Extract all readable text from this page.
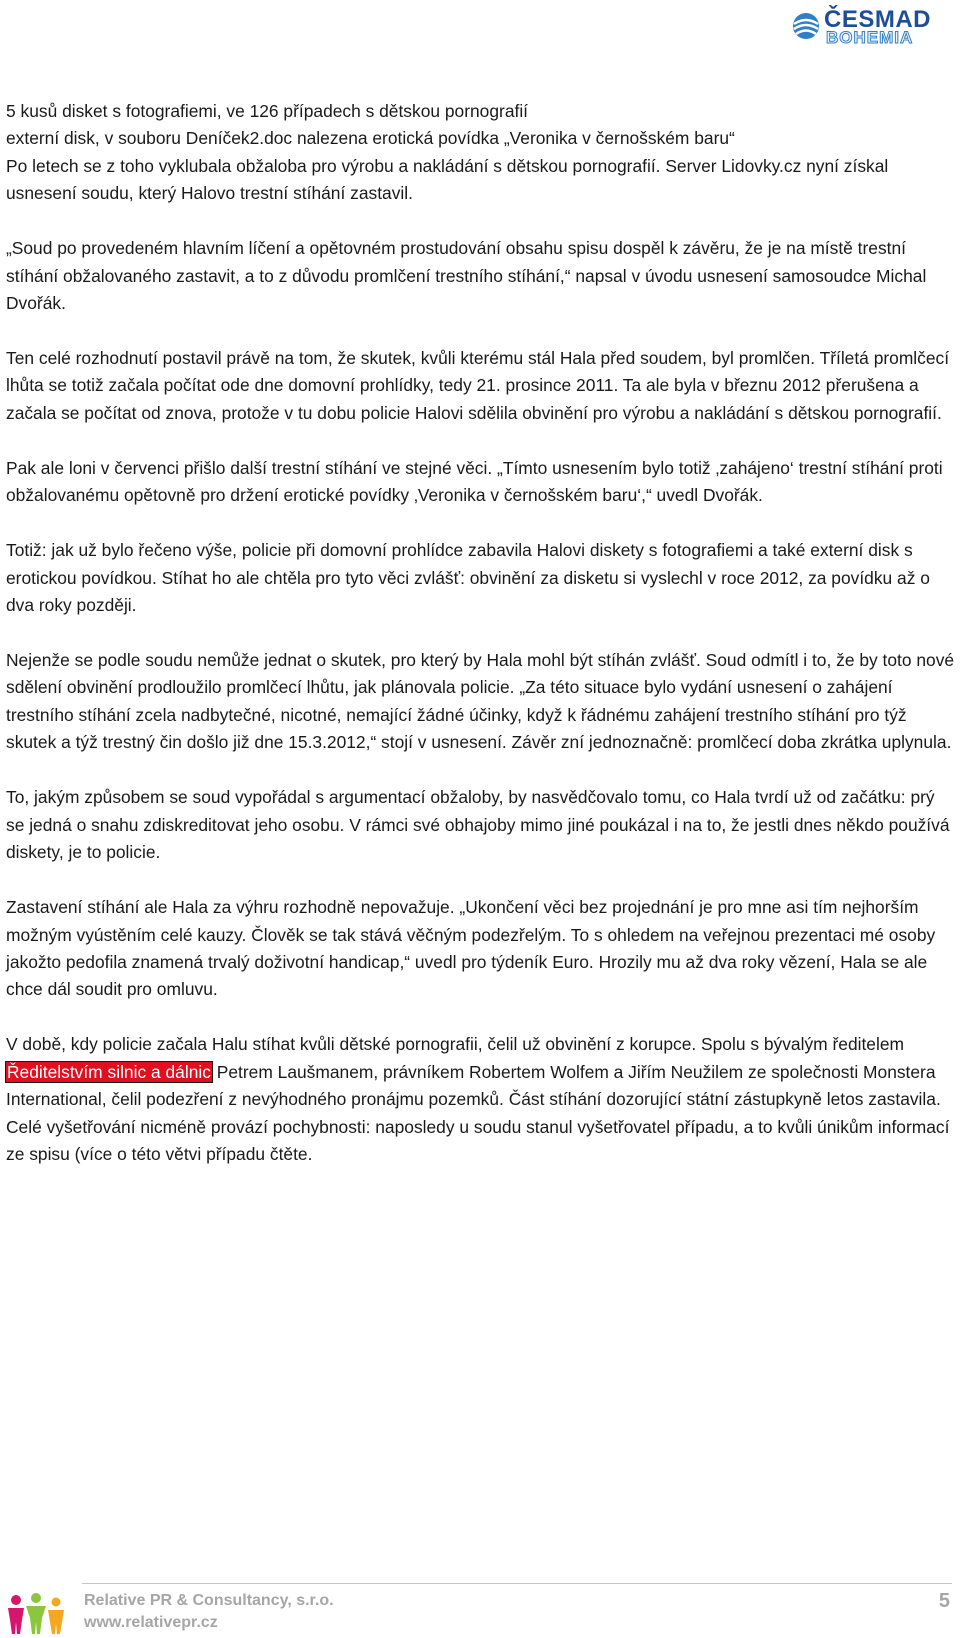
ČESMAD
BOHEMIA
5 kusů disket s fotografiemi, ve 126 případech s dětskou pornografií
externí disk, v souboru Deníček2.doc nalezena erotická povídka „Veronika v černošském baru“

Po letech se z toho vyklubala obžaloba pro výrobu a nakládání s dětskou pornografií. Server Lidovky.cz nyní získal usnesení soudu, který Halovo trestní stíhání zastavil.

„Soud po provedeném hlavním líčení a opětovném prostudování obsahu spisu dospěl k závěru, že je na místě trestní stíhání obžalovaného zastavit, a to z důvodu promlčení trestního stíhání,“ napsal v úvodu usnesení samosoudce Michal Dvořák.

Ten celé rozhodnutí postavil právě na tom, že skutek, kvůli kterému stál Hala před soudem, byl promlčen. Tříletá promlčecí lhůta se totiž začala počítat ode dne domovní prohlídky, tedy 21. prosince 2011. Ta ale byla v březnu 2012 přerušena a začala se počítat od znova, protože v tu dobu policie Halovi sdělila obvinění pro výrobu a nakládání s dětskou pornografií.

Pak ale loni v červenci přišlo další trestní stíhání ve stejné věci. „Tímto usnesením bylo totiž ‚zahájeno‘ trestní stíhání proti obžalovanému opětovně pro držení erotické povídky ‚Veronika v černošském baru‘,“ uvedl Dvořák.

Totiž: jak už bylo řečeno výše, policie při domovní prohlídce zabavila Halovi diskety s fotografiemi a také externí disk s erotickou povídkou. Stíhat ho ale chtěla pro tyto věci zvlášť: obvinění za disketu si vyslechl v roce 2012, za povídku až o dva roky později.

Nejenže se podle soudu nemůže jednat o skutek, pro který by Hala mohl být stíhán zvlášť. Soud odmítl i to, že by toto nové sdělení obvinění prodloužilo promlčecí lhůtu, jak plánovala policie. „Za této situace bylo vydání usnesení o zahájení trestního stíhání zcela nadbytečné, nicotné, nemající žádné účinky, když k řádnému zahájení trestního stíhání pro týž skutek a týž trestný čin došlo již dne 15.3.2012,“ stojí v usnesení. Závěr zní jednoznačně: promlčecí doba zkrátka uplynula.

To, jakým způsobem se soud vypořádal s argumentací obžaloby, by nasvědčovalo tomu, co Hala tvrdí už od začátku: prý se jedná o snahu zdiskreditovat jeho osobu. V rámci své obhajoby mimo jiné poukázal i na to, že jestli dnes někdo používá diskety, je to policie.

Zastavení stíhání ale Hala za výhru rozhodně nepovažuje. „Ukončení věci bez projednání je pro mne asi tím nejhorším možným vyústěním celé kauzy. Člověk se tak stává věčným podezřelým. To s ohledem na veřejnou prezentaci mé osoby jakožto pedofila znamená trvalý doživotní handicap,“ uvedl pro týdeník Euro. Hrozily mu až dva roky vězení, Hala se ale chce dál soudit pro omluvu.

V době, kdy policie začala Halu stíhat kvůli dětské pornografii, čelil už obvinění z korupce. Spolu s bývalým ředitelem Ředitelstvím silnic a dálnic Petrem Laušmanem, právníkem Robertem Wolfem a Jiřím Neužilem ze společnosti Monstera International, čelil podezření z nevýhodného pronájmu pozemků. Část stíhání dozorující státní zástupkyně letos zastavila. Celé vyšetřování nicméně provází pochybnosti: naposledy u soudu stanul vyšetřovatel případu, a to kvůli únikům informací ze spisu (více o této větvi případu čtěte.

Relative PR & Consultancy, s.r.o.
www.relativepr.cz
5
